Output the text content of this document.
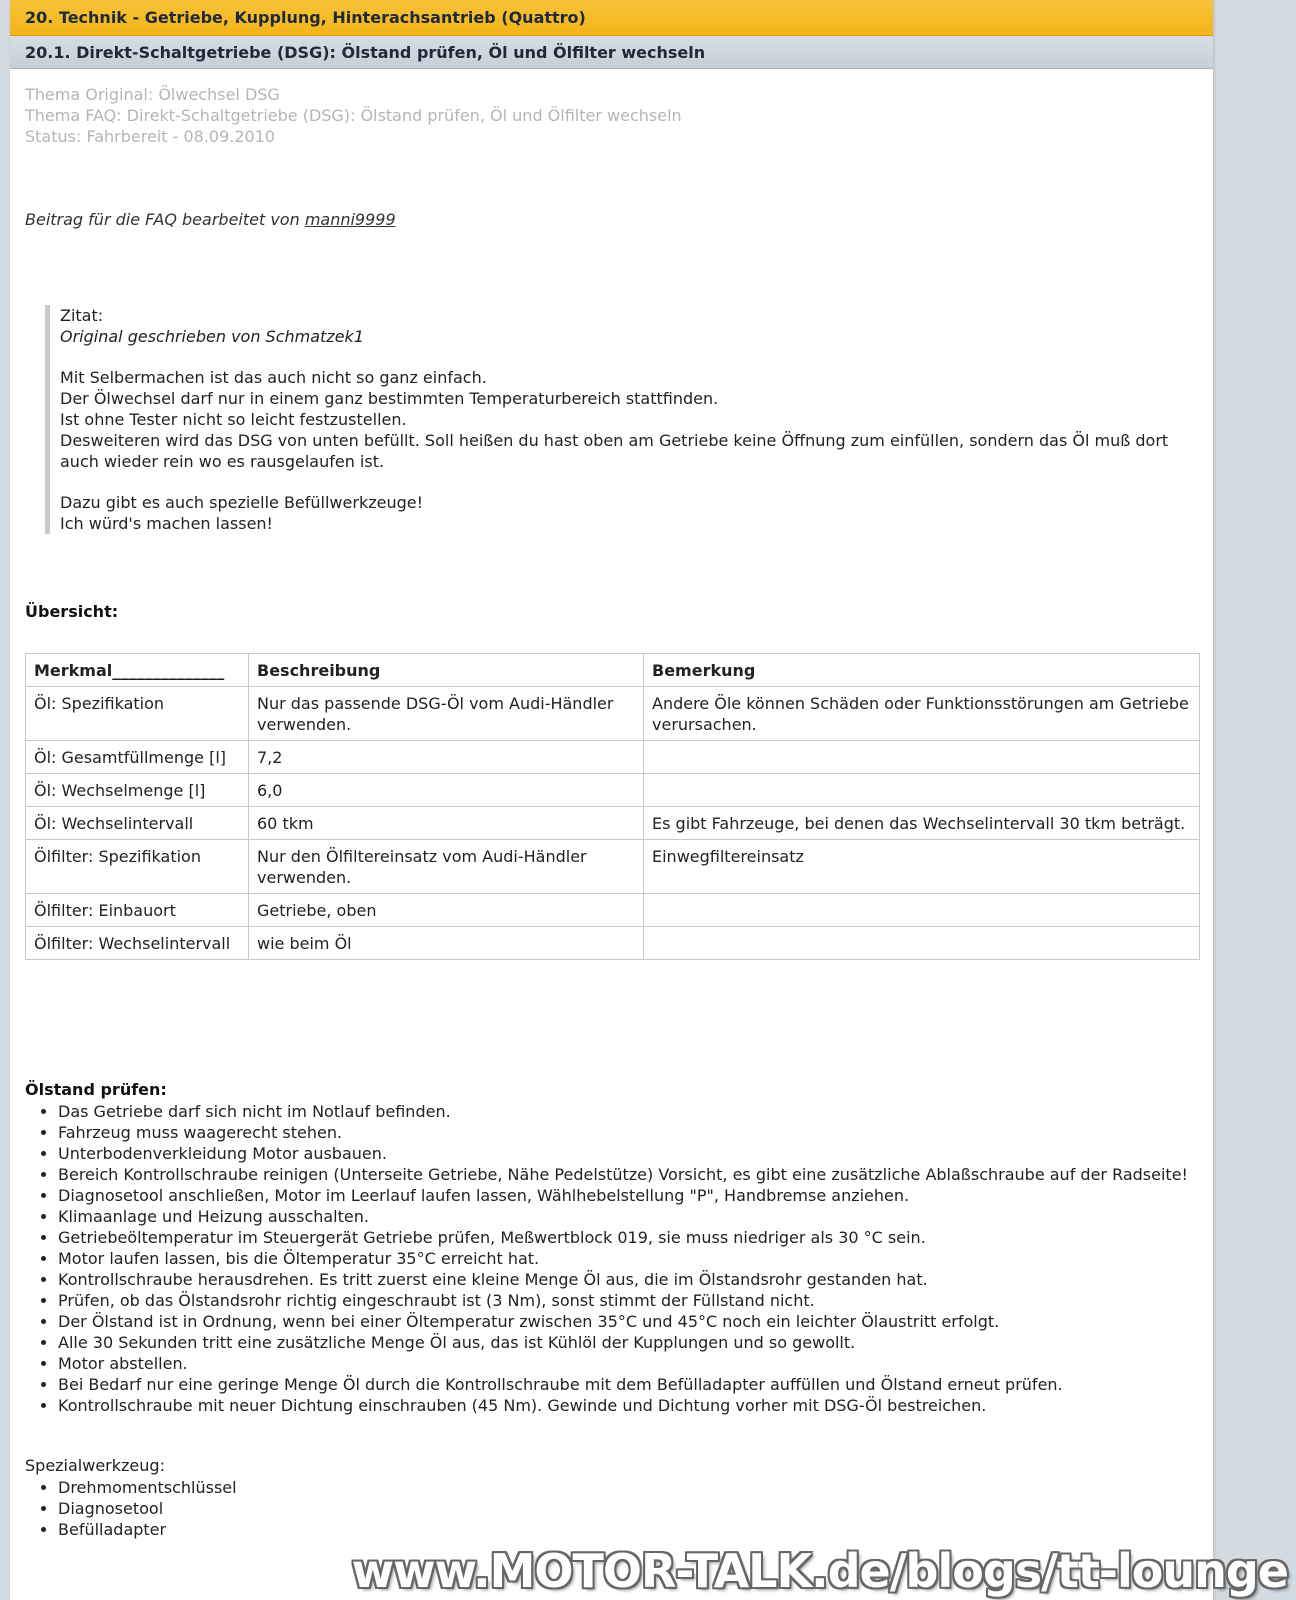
20. Technik - Getriebe, Kupplung, Hinterachsantrieb (Quattro)
20.1. Direkt-Schaltgetriebe (DSG): Ölstand prüfen, Öl und Ölfilter wechseln
Thema Original: Ölwechsel DSG
Thema FAQ: Direkt-Schaltgetriebe (DSG): Ölstand prüfen, Öl und Ölfilter wechseln
Status: Fahrbereit - 08.09.2010
Beitrag für die FAQ bearbeitet von manni9999

Zitat:

Original geschrieben von Schmatzek1

Mit Selbermachen ist das auch nicht so ganz einfach.

Der Ölwechsel darf nur in einem ganz bestimmten Temperaturbereich stattfinden.

Ist ohne Tester nicht so leicht festzustellen.

Desweiteren wird das DSG von unten befüllt. Soll heißen du hast oben am Getriebe keine Öffnung zum einfüllen, sondern das Öl muß dort auch wieder rein wo es rausgelaufen ist.

Dazu gibt es auch spezielle Befüllwerkzeuge!

Ich würd's machen lassen!

Übersicht:
Merkmal______________	Beschreibung	Bemerkung
Öl: Spezifikation	Nur das passende DSG-Öl vom Audi-Händler verwenden.	Andere Öle können Schäden oder Funktionsstörungen am Getriebe verursachen.
Öl: Gesamtfüllmenge [l]	7,2	
Öl: Wechselmenge [l]	6,0	
Öl: Wechselintervall	60 tkm	Es gibt Fahrzeuge, bei denen das Wechselintervall 30 tkm beträgt.
Ölfilter: Spezifikation	Nur den Ölfiltereinsatz vom Audi-Händler verwenden.	Einwegfiltereinsatz
Ölfilter: Einbauort	Getriebe, oben	
Ölfilter: Wechselintervall	wie beim Öl	
Ölstand prüfen:
• Das Getriebe darf sich nicht im Notlauf befinden.
• Fahrzeug muss waagerecht stehen.
• Unterbodenverkleidung Motor ausbauen.
• Bereich Kontrollschraube reinigen (Unterseite Getriebe, Nähe Pedelstütze) Vorsicht, es gibt eine zusätzliche Ablaßschraube auf der Radseite!
• Diagnosetool anschließen, Motor im Leerlauf laufen lassen, Wählhebelstellung "P", Handbremse anziehen.
• Klimaanlage und Heizung ausschalten.
• Getriebeöltemperatur im Steuergerät Getriebe prüfen, Meßwertblock 019, sie muss niedriger als 30 °C sein.
• Motor laufen lassen, bis die Öltemperatur 35°C erreicht hat.
• Kontrollschraube herausdrehen. Es tritt zuerst eine kleine Menge Öl aus, die im Ölstandsrohr gestanden hat.
• Prüfen, ob das Ölstandsrohr richtig eingeschraubt ist (3 Nm), sonst stimmt der Füllstand nicht.
• Der Ölstand ist in Ordnung, wenn bei einer Öltemperatur zwischen 35°C und 45°C noch ein leichter Ölaustritt erfolgt.
• Alle 30 Sekunden tritt eine zusätzliche Menge Öl aus, das ist Kühlöl der Kupplungen und so gewollt.
• Motor abstellen.
• Bei Bedarf nur eine geringe Menge Öl durch die Kontrollschraube mit dem Befülladapter auffüllen und Ölstand erneut prüfen.
• Kontrollschraube mit neuer Dichtung einschrauben (45 Nm). Gewinde und Dichtung vorher mit DSG-Öl bestreichen.
Spezialwerkzeug:
• Drehmomentschlüssel
• Diagnosetool
• Befülladapter
www.MOTOR-TALK.de/blogs/tt-lounge
